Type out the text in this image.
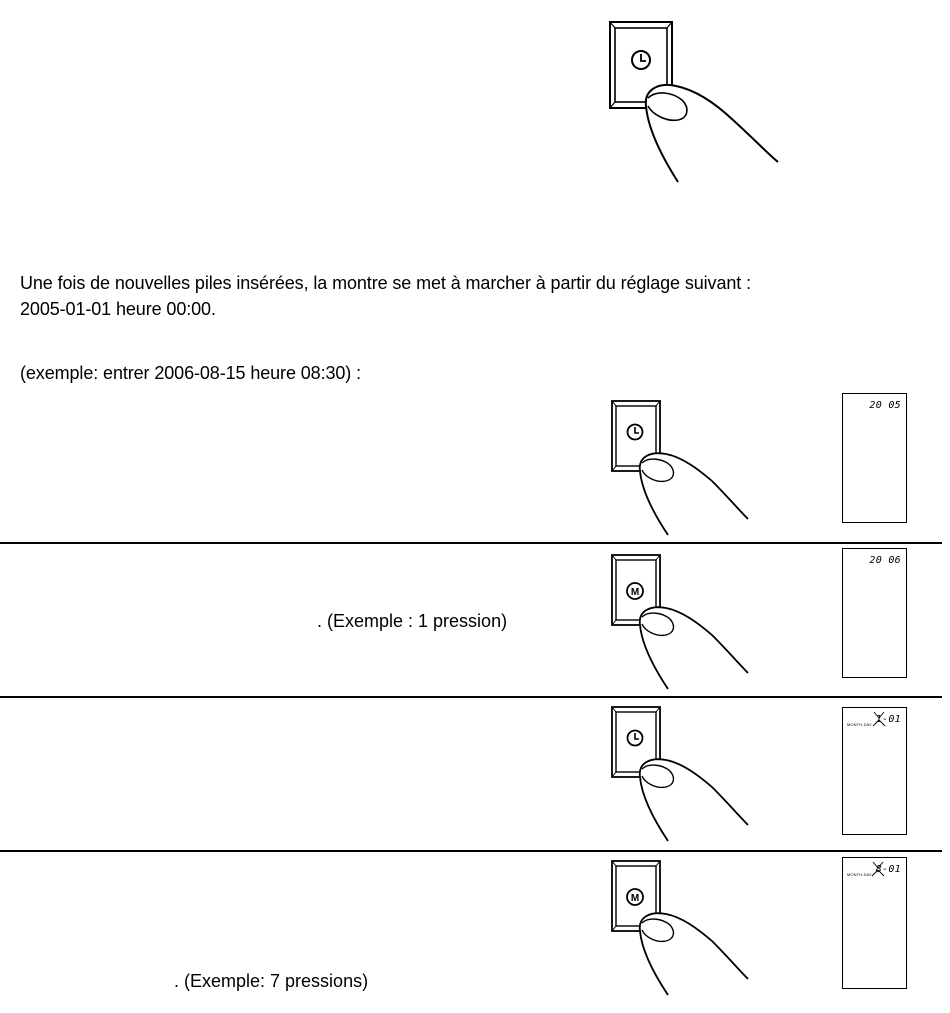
Une fois de nouvelles piles insérées, la montre se met à marcher à partir du réglage suivant :
2005-01-01 heure 00:00.
(exemple: entrer 2006-08-15 heure 08:30) :
20 05
. (Exemple : 1 pression)
M
20 06
MONTH-DAY 1-01
. (Exemple: 7 pressions)
M
MONTH-DAY 8-01
